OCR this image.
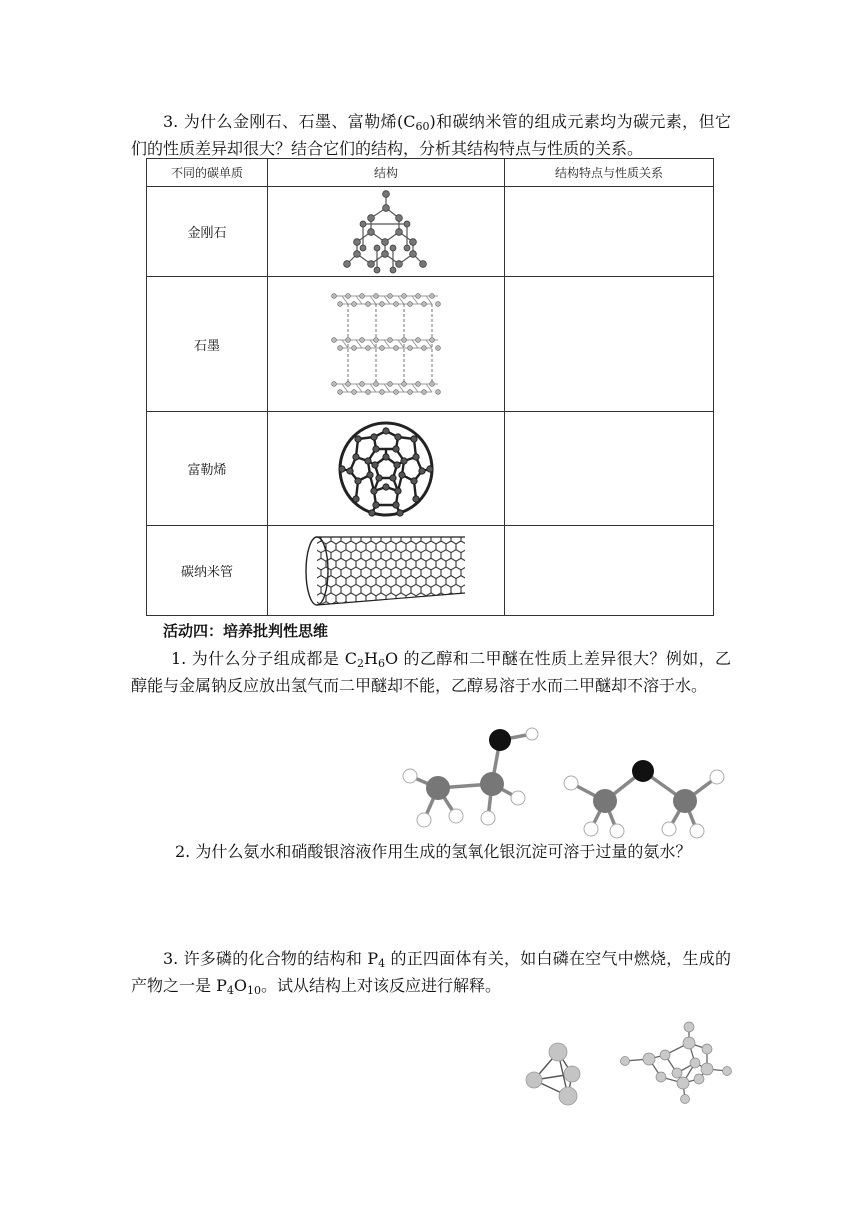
3. 为什么金刚石、石墨、富勒烯$(C_{60})$和碳纳米管的组成元素均为碳元素，但它们的性质差异却很大？结合它们的结构，分析其结构特点与性质的关系。
不同的碳单质	结构	结构特点与性质关系
金刚石	

石墨	

富勒烯	

碳纳米管	

活动四：培养批判性思维
1. 为什么分子组成都是 $C_2H_6O$ 的乙醇和二甲醚在性质上差异很大？例如，乙醇能与金属钠反应放出氢气而二甲醚却不能，乙醇易溶于水而二甲醚却不溶于水。
2. 为什么氨水和硝酸银溶液作用生成的氢氧化银沉淀可溶于过量的氨水？
3. 许多磷的化合物的结构和 $P_4$ 的正四面体有关，如白磷在空气中燃烧，生成的产物之一是 $P_4O_{10}$。试从结构上对该反应进行解释。
